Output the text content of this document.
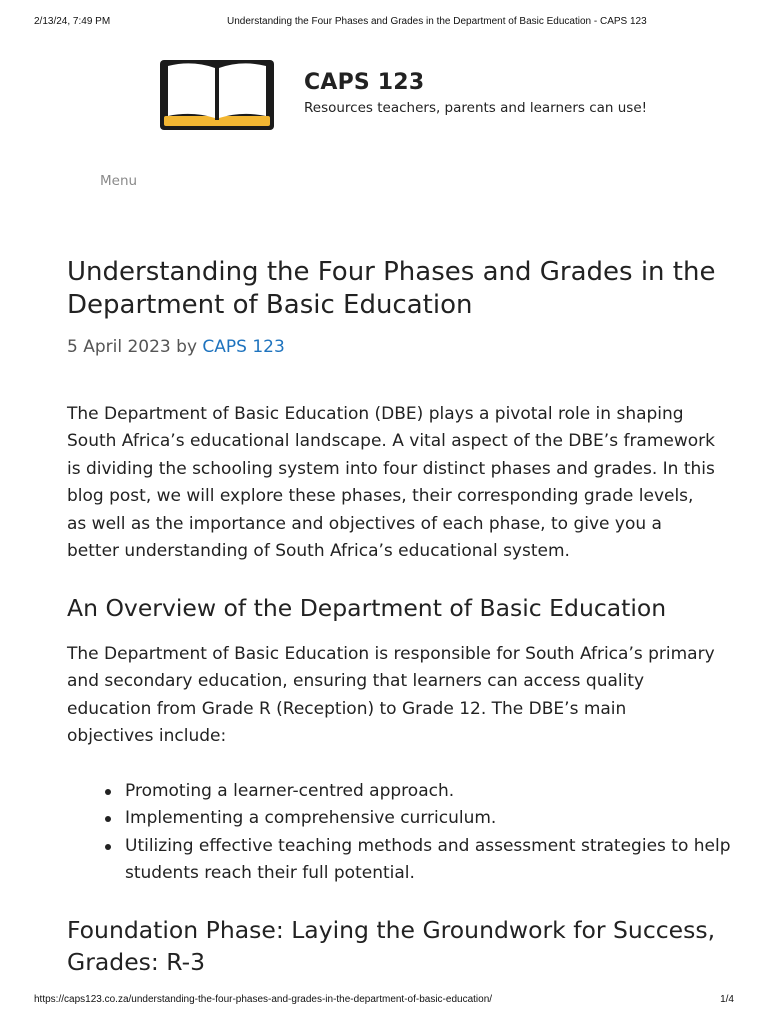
2/13/24, 7:49 PM	Understanding the Four Phases and Grades in the Department of Basic Education - CAPS 123
CAPS 123
Resources teachers, parents and learners can use!
Menu
Understanding the Four Phases and Grades in the Department of Basic Education
5 April 2023 by CAPS 123

The Department of Basic Education (DBE) plays a pivotal role in shaping South Africa’s educational landscape. A vital aspect of the DBE’s framework is dividing the schooling system into four distinct phases and grades. In this blog post, we will explore these phases, their corresponding grade levels, as well as the importance and objectives of each phase, to give you a better understanding of South Africa’s educational system.

An Overview of the Department of Basic Education

The Department of Basic Education is responsible for South Africa’s primary and secondary education, ensuring that learners can access quality education from Grade R (Reception) to Grade 12. The DBE’s main objectives include:

Promoting a learner-centred approach.
Implementing a comprehensive curriculum.
Utilizing effective teaching methods and assessment strategies to help students reach their full potential.
Foundation Phase: Laying the Groundwork for Success, Grades: R-3
https://caps123.co.za/understanding-the-four-phases-and-grades-in-the-department-of-basic-education/	1/4
